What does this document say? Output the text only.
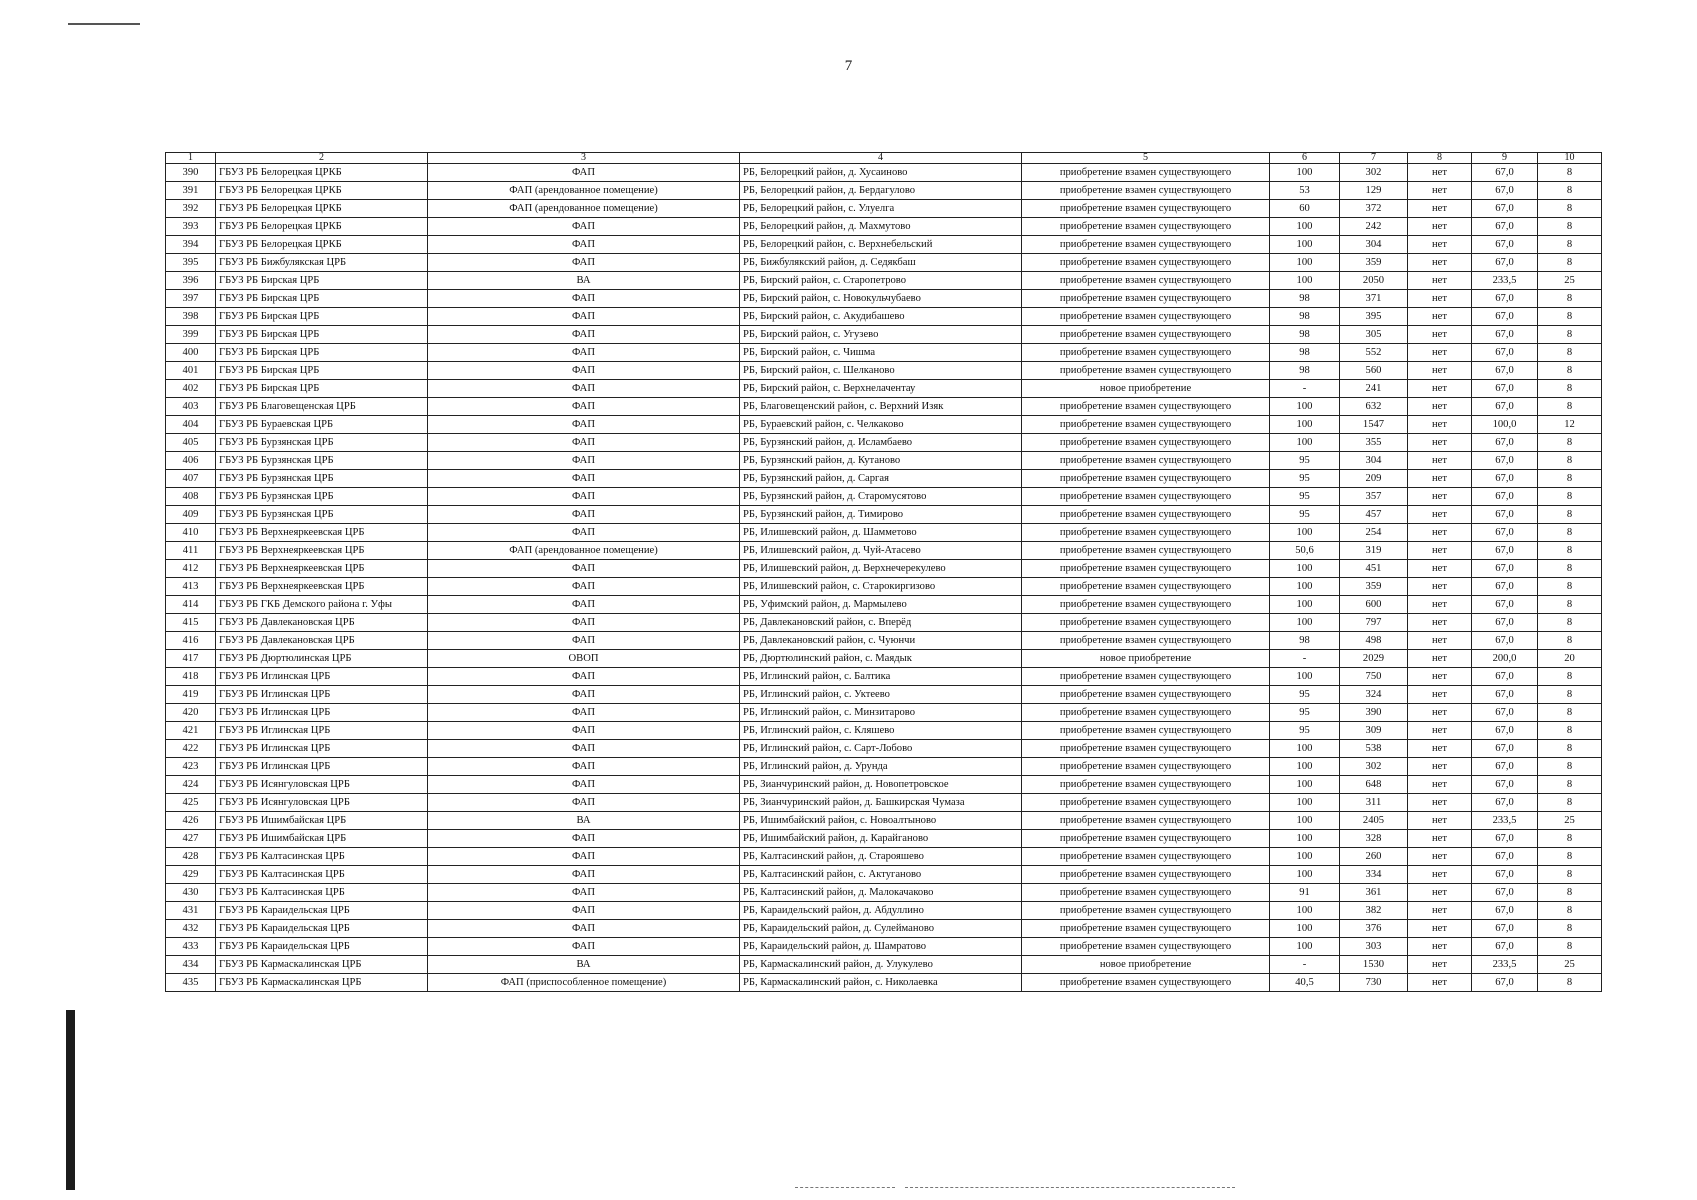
7
1	2	3	4	5	6	7	8	9	10
390	ГБУЗ РБ Белорецкая ЦРКБ	ФАП	РБ, Белорецкий район, д. Хусаиново	приобретение взамен существующего	100	302	нет	67,0	8
391	ГБУЗ РБ Белорецкая ЦРКБ	ФАП (арендованное помещение)	РБ, Белорецкий район, д. Бердагулово	приобретение взамен существующего	53	129	нет	67,0	8
392	ГБУЗ РБ Белорецкая ЦРКБ	ФАП (арендованное помещение)	РБ, Белорецкий район, с. Улуелга	приобретение взамен существующего	60	372	нет	67,0	8
393	ГБУЗ РБ Белорецкая ЦРКБ	ФАП	РБ, Белорецкий район, д. Махмутово	приобретение взамен существующего	100	242	нет	67,0	8
394	ГБУЗ РБ Белорецкая ЦРКБ	ФАП	РБ, Белорецкий район, с. Верхнебельский	приобретение взамен существующего	100	304	нет	67,0	8
395	ГБУЗ РБ Бижбулякская ЦРБ	ФАП	РБ, Бижбулякский район, д. Седякбаш	приобретение взамен существующего	100	359	нет	67,0	8
396	ГБУЗ РБ Бирская ЦРБ	ВА	РБ, Бирский район, с. Старопетрово	приобретение взамен существующего	100	2050	нет	233,5	25
397	ГБУЗ РБ Бирская ЦРБ	ФАП	РБ, Бирский район, с. Новокульчубаево	приобретение взамен существующего	98	371	нет	67,0	8
398	ГБУЗ РБ Бирская ЦРБ	ФАП	РБ, Бирский район, с. Акудибашево	приобретение взамен существующего	98	395	нет	67,0	8
399	ГБУЗ РБ Бирская ЦРБ	ФАП	РБ, Бирский район, с. Угузево	приобретение взамен существующего	98	305	нет	67,0	8
400	ГБУЗ РБ Бирская ЦРБ	ФАП	РБ, Бирский район, с. Чишма	приобретение взамен существующего	98	552	нет	67,0	8
401	ГБУЗ РБ Бирская ЦРБ	ФАП	РБ, Бирский район, с. Шелканово	приобретение взамен существующего	98	560	нет	67,0	8
402	ГБУЗ РБ Бирская ЦРБ	ФАП	РБ, Бирский район, с. Верхнелачентау	новое приобретение	-	241	нет	67,0	8
403	ГБУЗ РБ Благовещенская ЦРБ	ФАП	РБ, Благовещенский район, с. Верхний Изяк	приобретение взамен существующего	100	632	нет	67,0	8
404	ГБУЗ РБ Бураевская ЦРБ	ФАП	РБ, Бураевский район, с. Челкаково	приобретение взамен существующего	100	1547	нет	100,0	12
405	ГБУЗ РБ Бурзянская ЦРБ	ФАП	РБ, Бурзянский район, д. Исламбаево	приобретение взамен существующего	100	355	нет	67,0	8
406	ГБУЗ РБ Бурзянская ЦРБ	ФАП	РБ, Бурзянский район, д. Кутаново	приобретение взамен существующего	95	304	нет	67,0	8
407	ГБУЗ РБ Бурзянская ЦРБ	ФАП	РБ, Бурзянский район, д. Саргая	приобретение взамен существующего	95	209	нет	67,0	8
408	ГБУЗ РБ Бурзянская ЦРБ	ФАП	РБ, Бурзянский район, д. Старомусятово	приобретение взамен существующего	95	357	нет	67,0	8
409	ГБУЗ РБ Бурзянская ЦРБ	ФАП	РБ, Бурзянский район, д. Тимирово	приобретение взамен существующего	95	457	нет	67,0	8
410	ГБУЗ РБ Верхнеяркеевская ЦРБ	ФАП	РБ, Илишевский район, д. Шамметово	приобретение взамен существующего	100	254	нет	67,0	8
411	ГБУЗ РБ Верхнеяркеевская ЦРБ	ФАП (арендованное помещение)	РБ, Илишевский район, д. Чуй-Атасево	приобретение взамен существующего	50,6	319	нет	67,0	8
412	ГБУЗ РБ Верхнеяркеевская ЦРБ	ФАП	РБ, Илишевский район, д. Верхнечерекулево	приобретение взамен существующего	100	451	нет	67,0	8
413	ГБУЗ РБ Верхнеяркеевская ЦРБ	ФАП	РБ, Илишевский район, с. Старокиргизово	приобретение взамен существующего	100	359	нет	67,0	8
414	ГБУЗ РБ ГКБ Демского района г. Уфы	ФАП	РБ, Уфимский район, д. Мармылево	приобретение взамен существующего	100	600	нет	67,0	8
415	ГБУЗ РБ Давлекановская ЦРБ	ФАП	РБ, Давлекановский район, с. Вперёд	приобретение взамен существующего	100	797	нет	67,0	8
416	ГБУЗ РБ Давлекановская ЦРБ	ФАП	РБ, Давлекановский район, с. Чуюнчи	приобретение взамен существующего	98	498	нет	67,0	8
417	ГБУЗ РБ Дюртюлинская ЦРБ	ОВОП	РБ, Дюртюлинский район, с. Маядык	новое приобретение	-	2029	нет	200,0	20
418	ГБУЗ РБ Иглинская ЦРБ	ФАП	РБ, Иглинский район, с. Балтика	приобретение взамен существующего	100	750	нет	67,0	8
419	ГБУЗ РБ Иглинская ЦРБ	ФАП	РБ, Иглинский район, с. Уктеево	приобретение взамен существующего	95	324	нет	67,0	8
420	ГБУЗ РБ Иглинская ЦРБ	ФАП	РБ, Иглинский район, с. Минзитарово	приобретение взамен существующего	95	390	нет	67,0	8
421	ГБУЗ РБ Иглинская ЦРБ	ФАП	РБ, Иглинский район, с. Кляшево	приобретение взамен существующего	95	309	нет	67,0	8
422	ГБУЗ РБ Иглинская ЦРБ	ФАП	РБ, Иглинский район, с. Сарт-Лобово	приобретение взамен существующего	100	538	нет	67,0	8
423	ГБУЗ РБ Иглинская ЦРБ	ФАП	РБ, Иглинский район, д. Урунда	приобретение взамен существующего	100	302	нет	67,0	8
424	ГБУЗ РБ Исянгуловская ЦРБ	ФАП	РБ, Зианчуринский район, д. Новопетровское	приобретение взамен существующего	100	648	нет	67,0	8
425	ГБУЗ РБ Исянгуловская ЦРБ	ФАП	РБ, Зианчуринский район, д. Башкирская Чумаза	приобретение взамен существующего	100	311	нет	67,0	8
426	ГБУЗ РБ Ишимбайская ЦРБ	ВА	РБ, Ишимбайский район, с. Новоалтыново	приобретение взамен существующего	100	2405	нет	233,5	25
427	ГБУЗ РБ Ишимбайская ЦРБ	ФАП	РБ, Ишимбайский район, д. Карайганово	приобретение взамен существующего	100	328	нет	67,0	8
428	ГБУЗ РБ Калтасинская ЦРБ	ФАП	РБ, Калтасинский район, д. Старояшево	приобретение взамен существующего	100	260	нет	67,0	8
429	ГБУЗ РБ Калтасинская ЦРБ	ФАП	РБ, Калтасинский район, с. Актуганово	приобретение взамен существующего	100	334	нет	67,0	8
430	ГБУЗ РБ Калтасинская ЦРБ	ФАП	РБ, Калтасинский район, д. Малокачаково	приобретение взамен существующего	91	361	нет	67,0	8
431	ГБУЗ РБ Караидельская ЦРБ	ФАП	РБ, Караидельский район, д. Абдуллино	приобретение взамен существующего	100	382	нет	67,0	8
432	ГБУЗ РБ Караидельская ЦРБ	ФАП	РБ, Караидельский район, д. Сулейманово	приобретение взамен существующего	100	376	нет	67,0	8
433	ГБУЗ РБ Караидельская ЦРБ	ФАП	РБ, Караидельский район, д. Шамратово	приобретение взамен существующего	100	303	нет	67,0	8
434	ГБУЗ РБ Кармаскалинская ЦРБ	ВА	РБ, Кармаскалинский район, д. Улукулево	новое приобретение	-	1530	нет	233,5	25
435	ГБУЗ РБ Кармаскалинская ЦРБ	ФАП (приспособленное помещение)	РБ, Кармаскалинский район, с. Николаевка	приобретение взамен существующего	40,5	730	нет	67,0	8
